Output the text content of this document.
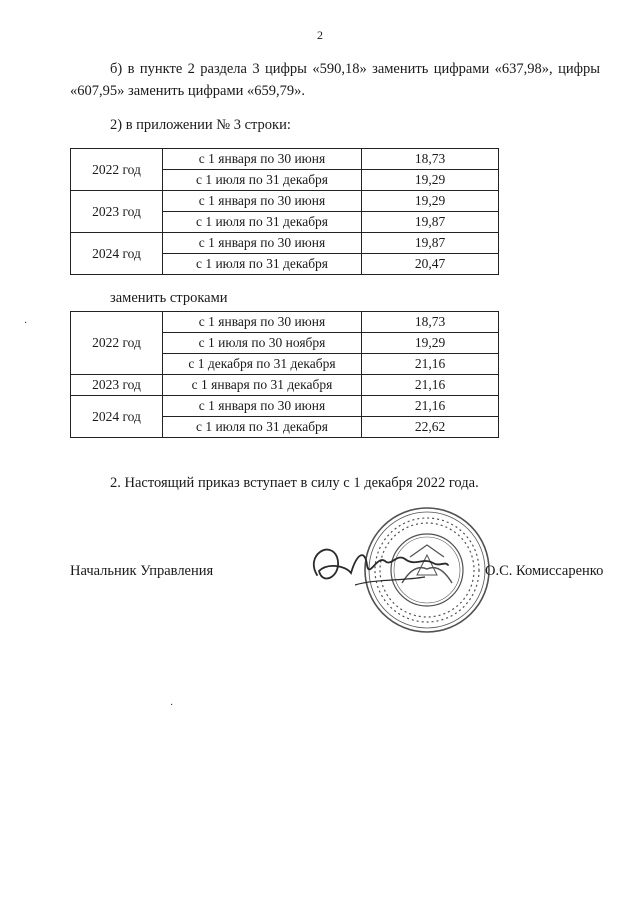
2
б) в пункте 2 раздела 3 цифры «590,18» заменить цифрами «637,98», цифры «607,95» заменить цифрами «659,79».
2) в приложении № 3 строки:
2022 год	с 1 января по 30 июня	18,73
	с 1 июля по 31 декабря	19,29
2023 год	с 1 января по 30 июня	19,29
	с 1 июля по 31 декабря	19,87
2024 год	с 1 января по 30 июня	19,87
	с 1 июля по 31 декабря	20,47
заменить строками
2022 год	с 1 января по 30 июня	18,73
	с 1 июля по 30 ноября	19,29
	с 1 декабря по 31 декабря	21,16
2023 год	с 1 января по 31 декабря	21,16
2024 год	с 1 января по 30 июня	21,16
	с 1 июля по 31 декабря	22,62
2. Настоящий приказ вступает в силу с 1 декабря 2022 года.
·
·
Начальник Управления	О.С. Комиссаренко
